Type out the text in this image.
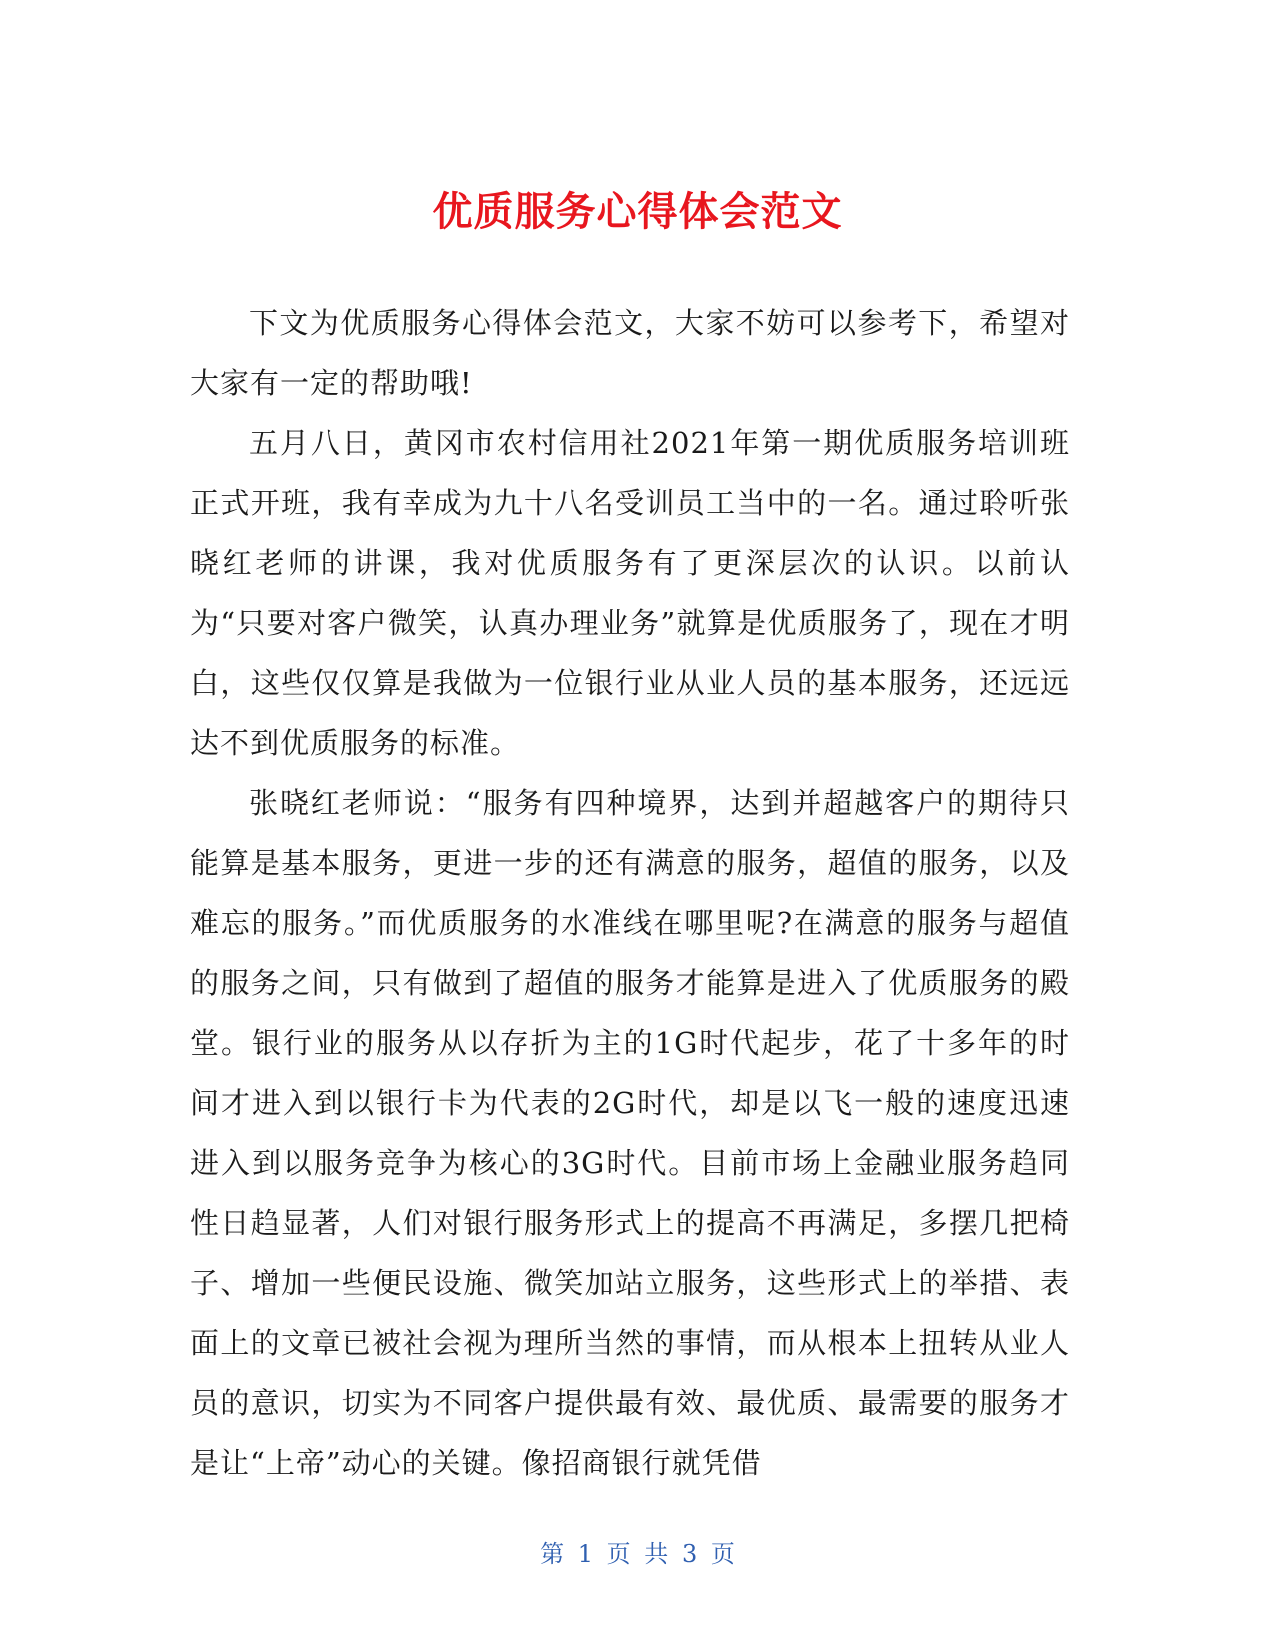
优质服务心得体会范文

下文为优质服务心得体会范文，大家不妨可以参考下，希望对大家有一定的帮助哦!

五月八日，黄冈市农村信用社2021年第一期优质服务培训班正式开班，我有幸成为九十八名受训员工当中的一名。通过聆听张晓红老师的讲课，我对优质服务有了更深层次的认识。以前认为“只要对客户微笑，认真办理业务”就算是优质服务了，现在才明白，这些仅仅算是我做为一位银行业从业人员的基本服务，还远远达不到优质服务的标准。

张晓红老师说：“服务有四种境界，达到并超越客户的期待只能算是基本服务，更进一步的还有满意的服务，超值的服务，以及难忘的服务。”而优质服务的水准线在哪里呢?在满意的服务与超值的服务之间，只有做到了超值的服务才能算是进入了优质服务的殿堂。银行业的服务从以存折为主的1G时代起步，花了十多年的时间才进入到以银行卡为代表的2G时代，却是以飞一般的速度迅速进入到以服务竞争为核心的3G时代。目前市场上金融业服务趋同性日趋显著，人们对银行服务形式上的提高不再满足，多摆几把椅子、增加一些便民设施、微笑加站立服务，这些形式上的举措、表面上的文章已被社会视为理所当然的事情，而从根本上扭转从业人员的意识，切实为不同客户提供最有效、最优质、最需要的服务才是让“上帝”动心的关键。像招商银行就凭借

第 1 页 共 3 页
